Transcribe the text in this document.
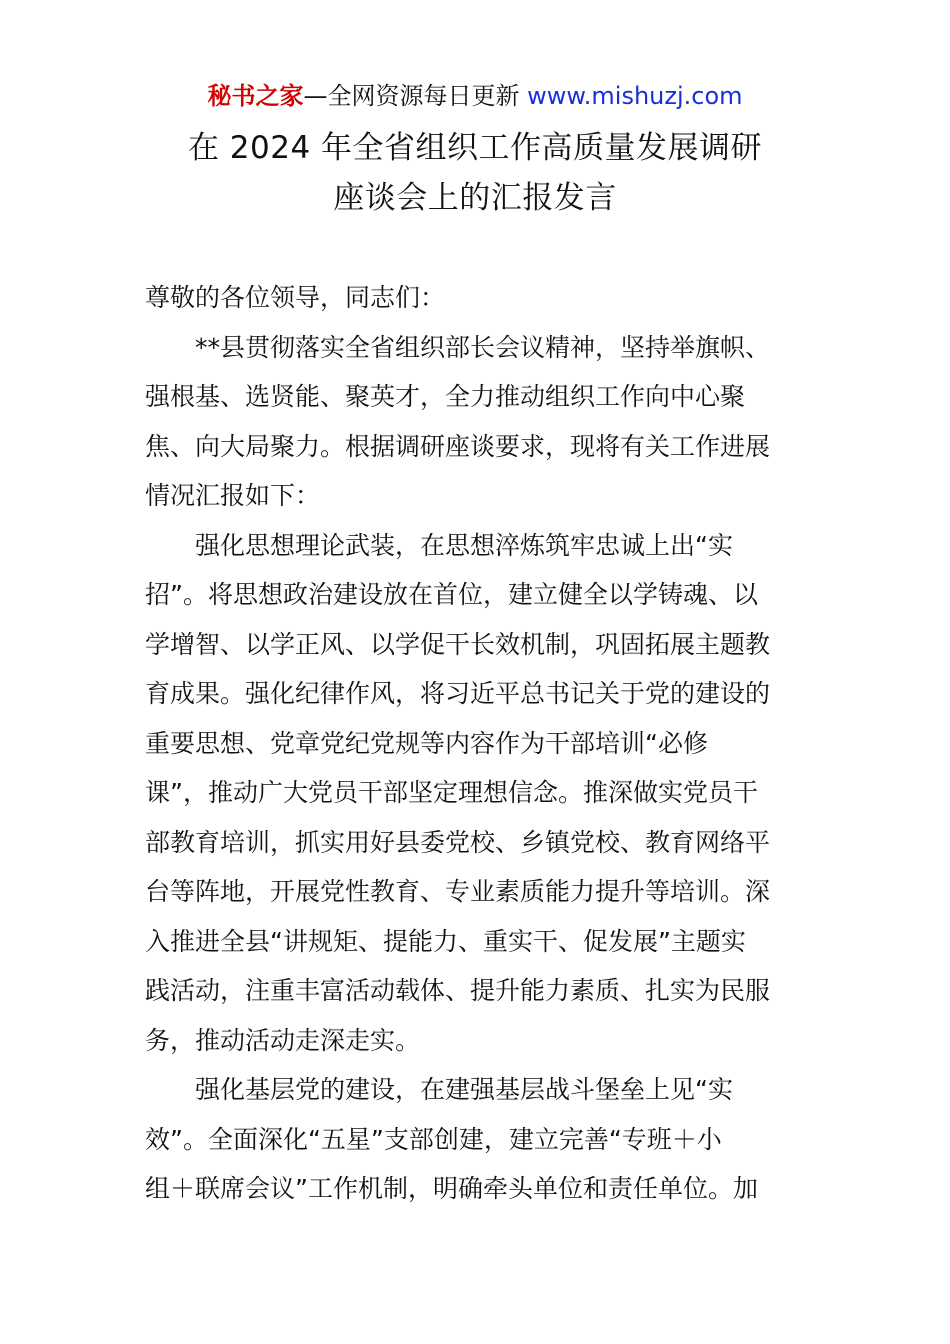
秘书之家—全网资源每日更新 www.mishuzj.com
在 2024 年全省组织工作高质量发展调研
座谈会上的汇报发言
尊敬的各位领导，同志们：
　　**县贯彻落实全省组织部长会议精神，坚持举旗帜、
强根基、选贤能、聚英才，全力推动组织工作向中心聚
焦、向大局聚力。根据调研座谈要求，现将有关工作进展
情况汇报如下：
　　强化思想理论武装，在思想淬炼筑牢忠诚上出“实
招”。将思想政治建设放在首位，建立健全以学铸魂、以
学增智、以学正风、以学促干长效机制，巩固拓展主题教
育成果。强化纪律作风，将习近平总书记关于党的建设的
重要思想、党章党纪党规等内容作为干部培训“必修
课”，推动广大党员干部坚定理想信念。推深做实党员干
部教育培训，抓实用好县委党校、乡镇党校、教育网络平
台等阵地，开展党性教育、专业素质能力提升等培训。深
入推进全县“讲规矩、提能力、重实干、促发展”主题实
践活动，注重丰富活动载体、提升能力素质、扎实为民服
务，推动活动走深走实。
　　强化基层党的建设，在建强基层战斗堡垒上见“实
效”。全面深化“五星”支部创建，建立完善“专班＋小
组＋联席会议”工作机制，明确牵头单位和责任单位。加
